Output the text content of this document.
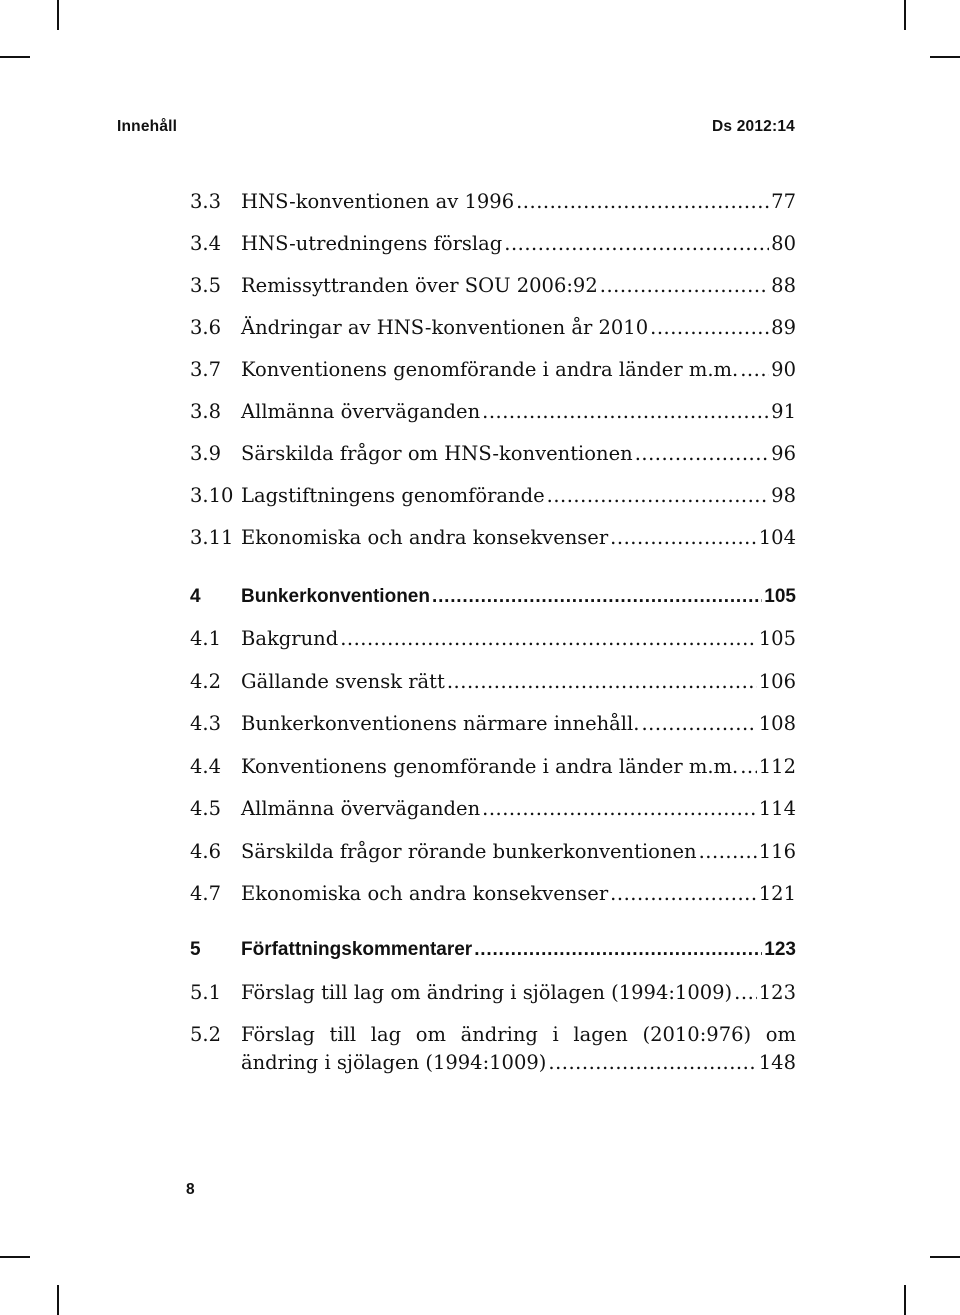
Innehåll	Ds 2012:14
3.3	HNS-konventionen av 1996 .....	77
3.4	HNS-utredningens förslag .....	80
3.5	Remissyttranden över SOU 2006:92 .....	88
3.6	Ändringar av HNS-konventionen år 2010 .....	89
3.7	Konventionens genomförande i andra länder m.m. ..... 90
3.8	Allmänna överväganden .....	91
3.9	Särskilda frågor om HNS-konventionen .....	96
3.10 Lagstiftningens genomförande .....	98
3.11 Ekonomiska och andra konsekvenser .....	104
4	Bunkerkonventionen .....	105
4.1	Bakgrund .....	105
4.2	Gällande svensk rätt .....	106
4.3	Bunkerkonventionens närmare innehåll. .....	108
4.4	Konventionens genomförande i andra länder m.m. ..... 112
4.5	Allmänna överväganden .....	114
4.6	Särskilda frågor rörande bunkerkonventionen .....	116
4.7	Ekonomiska och andra konsekvenser .....	121
5	Författningskommentarer .....	123
5.1	Förslag till lag om ändring i sjölagen (1994:1009) ..... 123
5.2	Förslag till lag om ändring i lagen (2010:976) om
ändring i sjölagen (1994:1009) .....	148
8
